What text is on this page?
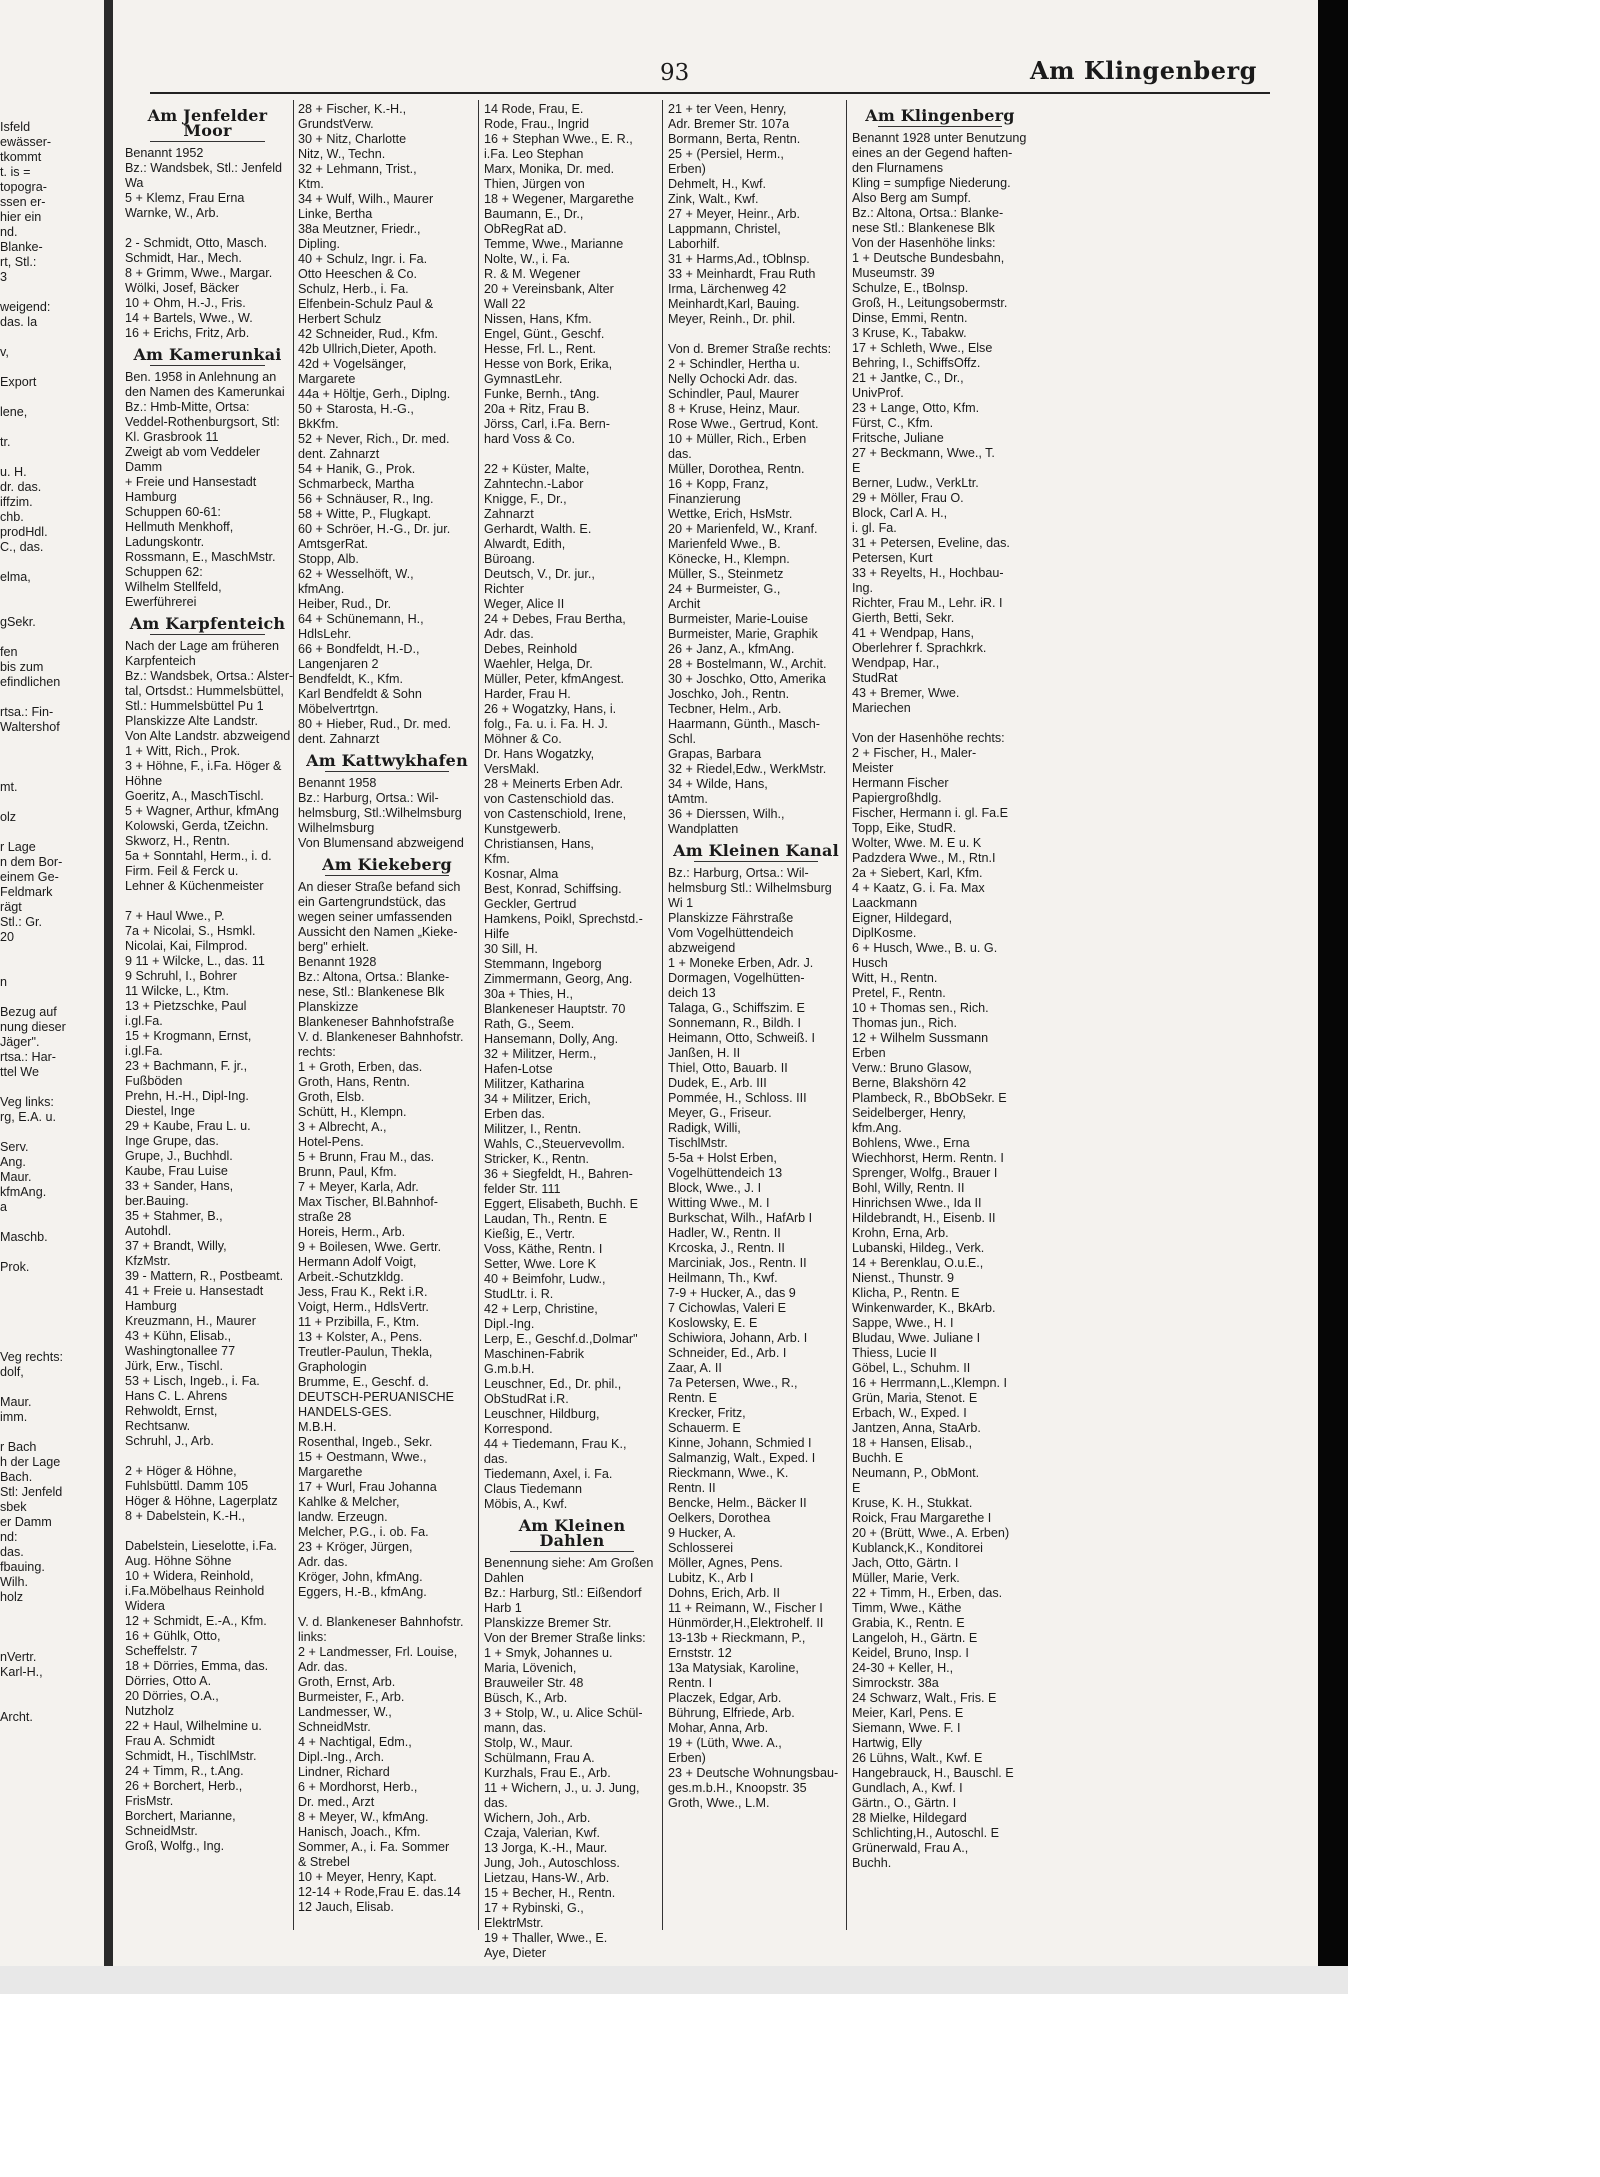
93	Am Klingenberg
Isfeld
ewässer-
tkommt
t. is =
topogra-
ssen er-
hier ein
nd.
Blanke-
rt, Stl.:
3

weigend:
das. la

v,

Export

lene,

tr.

u. H.
dr. das.
iffzim.
chb.
prodHdl.
C., das.

elma,

gSekr.

fen
bis zum
efindlichen

rtsa.: Fin-
Waltershof

mt.

olz

r Lage
n dem Bor-
einem Ge-
Feldmark
rägt
Stl.: Gr.
20

n

Bezug auf
nung dieser
Jäger".
rtsa.: Har-
ttel We

Veg links:
rg, E.A. u.

Serv.
Ang.
Maur.
kfmAng.
a

Maschb.

Prok.

Veg rechts:
dolf,

Maur.
imm.

r Bach
h der Lage
Bach.
Stl: Jenfeld
sbek
er Damm
nd:
das.
fbauing.
Wilh.
holz

nVertr.
Karl-H.,

Archt.
Am Jenfelder Moor
Benannt 1952
Bz.: Wandsbek, Stl.: Jenfeld
Wa
5 + Klemz, Frau Erna
Warnke, W., Arb.

2 - Schmidt, Otto, Masch.
Schmidt, Har., Mech.
8 + Grimm, Wwe., Margar.
Wölki, Josef, Bäcker
10 + Ohm, H.-J., Fris.
14 + Bartels, Wwe., W.
16 + Erichs, Fritz, Arb.
Am Kamerunkai
Ben. 1958 in Anlehnung an
den Namen des Kamerunkai
Bz.: Hmb-Mitte, Ortsa:
Veddel-Rothenburgsort, Stl:
Kl. Grasbrook 11
Zweigt ab vom Veddeler
Damm
+ Freie und Hansestadt
Hamburg
Schuppen 60-61:
Hellmuth Menkhoff,
Ladungskontr.
Rossmann, E., MaschMstr.
Schuppen 62:
Wilhelm Stellfeld,
Ewerführerei
Am Karpfenteich
Nach der Lage am früheren
Karpfenteich
Bz.: Wandsbek, Ortsa.: Alster-
tal, Ortsdst.: Hummelsbüttel,
Stl.: Hummelsbüttel Pu 1
Planskizze Alte Landstr.
Von Alte Landstr. abzweigend
1 + Witt, Rich., Prok.
3 + Höhne, F., i.Fa. Höger &
Höhne
Goeritz, A., MaschTischl.
5 + Wagner, Arthur, kfmAng
Kolowski, Gerda, tZeichn.
Skworz, H., Rentn.
5a + Sonntahl, Herm., i. d.
Firm. Feil & Ferck u.
Lehner & Küchenmeister

7 + Haul Wwe., P.
7a + Nicolai, S., Hsmkl.
Nicolai, Kai, Filmprod.
9 11 + Wilcke, L., das. 11
9 Schruhl, I., Bohrer
11 Wilcke, L., Ktm.
13 + Pietzschke, Paul
i.gl.Fa.
15 + Krogmann, Ernst,
i.gl.Fa.
23 + Bachmann, F. jr.,
Fußböden
Prehn, H.-H., Dipl-Ing.
Diestel, Inge
29 + Kaube, Frau L. u.
Inge Grupe, das.
Grupe, J., Buchhdl.
Kaube, Frau Luise
33 + Sander, Hans,
ber.Bauing.
35 + Stahmer, B.,
Autohdl.
37 + Brandt, Willy,
KfzMstr.
39 - Mattern, R., Postbeamt.
41 + Freie u. Hansestadt
Hamburg
Kreuzmann, H., Maurer
43 + Kühn, Elisab.,
Washingtonallee 77
Jürk, Erw., Tischl.
53 + Lisch, Ingeb., i. Fa.
Hans C. L. Ahrens
Rehwoldt, Ernst,
Rechtsanw.
Schruhl, J., Arb.

2 + Höger & Höhne,
Fuhlsbüttl. Damm 105
Höger & Höhne, Lagerplatz
8 + Dabelstein, K.-H.,

Dabelstein, Lieselotte, i.Fa.
Aug. Höhne Söhne
10 + Widera, Reinhold,
i.Fa.Möbelhaus Reinhold
Widera
12 + Schmidt, E.-A., Kfm.
16 + Gühlk, Otto,
Scheffelstr. 7
18 + Dörries, Emma, das.
Dörries, Otto A.
20 Dörries, O.A.,
Nutzholz
22 + Haul, Wilhelmine u.
Frau A. Schmidt
Schmidt, H., TischlMstr.
24 + Timm, R., t.Ang.
26 + Borchert, Herb.,
FrisMstr.
Borchert, Marianne,
SchneidMstr.
Groß, Wolfg., Ing.
28 + Fischer, K.-H.,
GrundstVerw.
30 + Nitz, Charlotte
Nitz, W., Techn.
32 + Lehmann, Trist.,
Ktm.
34 + Wulf, Wilh., Maurer
Linke, Bertha
38a Meutzner, Friedr.,
Dipling.
40 + Schulz, Ingr. i. Fa.
Otto Heeschen & Co.
Schulz, Herb., i. Fa.
Elfenbein-Schulz Paul &
Herbert Schulz
42 Schneider, Rud., Kfm.
42b Ullrich,Dieter, Apoth.
42d + Vogelsänger,
Margarete
44a + Höltje, Gerh., Diplng.
50 + Starosta, H.-G.,
BkKfm.
52 + Never, Rich., Dr. med.
dent. Zahnarzt
54 + Hanik, G., Prok.
Schmarbeck, Martha
56 + Schnäuser, R., Ing.
58 + Witte, P., Flugkapt.
60 + Schröer, H.-G., Dr. jur.
AmtsgerRat.
Stopp, Alb.
62 + Wesselhöft, W.,
kfmAng.
Heiber, Rud., Dr.
64 + Schünemann, H.,
HdlsLehr.
66 + Bondfeldt, H.-D.,
Langenjaren 2
Bendfeldt, K., Kfm.
Karl Bendfeldt & Sohn
Möbelvertrtgn.
80 + Hieber, Rud., Dr. med.
dent. Zahnarzt
Am Kattwykhafen
Benannt 1958
Bz.: Harburg, Ortsa.: Wil-
helmsburg, Stl.:Wilhelmsburg
Wilhelmsburg
Von Blumensand abzweigend
Am Kiekeberg
An dieser Straße befand sich
ein Gartengrundstück, das
wegen seiner umfassenden
Aussicht den Namen „Kieke-
berg" erhielt.
Benannt 1928
Bz.: Altona, Ortsa.: Blanke-
nese, Stl.: Blankenese Blk
Planskizze
Blankeneser Bahnhofstraße
V. d. Blankeneser Bahnhofstr.
rechts:
1 + Groth, Erben, das.
Groth, Hans, Rentn.
Groth, Elsb.
Schütt, H., Klempn.
3 + Albrecht, A.,
Hotel-Pens.
5 + Brunn, Frau M., das.
Brunn, Paul, Kfm.
7 + Meyer, Karla, Adr.
Max Tischer, Bl.Bahnhof-
straße 28
Horeis, Herm., Arb.
9 + Boilesen, Wwe. Gertr.
Hermann Adolf Voigt,
Arbeit.-Schutzkldg.
Jess, Frau K., Rekt i.R.
Voigt, Herm., HdlsVertr.
11 + Przibilla, F., Ktm.
13 + Kolster, A., Pens.
Treutler-Paulun, Thekla,
Graphologin
Brumme, E., Geschf. d.
DEUTSCH-PERUANISCHE
HANDELS-GES.
M.B.H.
Rosenthal, Ingeb., Sekr.
15 + Oestmann, Wwe.,
Margarethe
17 + Wurl, Frau Johanna
Kahlke & Melcher,
landw. Erzeugn.
Melcher, P.G., i. ob. Fa.
23 + Kröger, Jürgen,
Adr. das.
Kröger, John, kfmAng.
Eggers, H.-B., kfmAng.

V. d. Blankeneser Bahnhofstr.
links:
2 + Landmesser, Frl. Louise,
Adr. das.
Groth, Ernst, Arb.
Burmeister, F., Arb.
Landmesser, W.,
SchneidMstr.
4 + Nachtigal, Edm.,
Dipl.-Ing., Arch.
Lindner, Richard
6 + Mordhorst, Herb.,
Dr. med., Arzt
8 + Meyer, W., kfmAng.
Hanisch, Joach., Kfm.
Sommer, A., i. Fa. Sommer
& Strebel
10 + Meyer, Henry, Kapt.
12-14 + Rode,Frau E. das.14
12 Jauch, Elisab.
14 Rode, Frau, E.
Rode, Frau., Ingrid
16 + Stephan Wwe., E. R.,
i.Fa. Leo Stephan
Marx, Monika, Dr. med.
Thien, Jürgen von
18 + Wegener, Margarethe
Baumann, E., Dr.,
ObRegRat aD.
Temme, Wwe., Marianne
Nolte, W., i. Fa.
R. & M. Wegener
20 + Vereinsbank, Alter
Wall 22
Nissen, Hans, Kfm.
Engel, Günt., Geschf.
Hesse, Frl. L., Rent.
Hesse von Bork, Erika,
GymnastLehr.
Funke, Bernh., tAng.
20a + Ritz, Frau B.
Jörss, Carl, i.Fa. Bern-
hard Voss & Co.

22 + Küster, Malte,
Zahntechn.-Labor
Knigge, F., Dr.,
Zahnarzt
Gerhardt, Walth. E.
Alwardt, Edith,
Büroang.
Deutsch, V., Dr. jur.,
Richter
Weger, Alice II
24 + Debes, Frau Bertha,
Adr. das.
Debes, Reinhold
Waehler, Helga, Dr.
Müller, Peter, kfmAngest.
Harder, Frau H.
26 + Wogatzky, Hans, i.
folg., Fa. u. i. Fa. H. J.
Möhner & Co.
Dr. Hans Wogatzky,
VersMakl.
28 + Meinerts Erben Adr.
von Castenschiold das.
von Castenschiold, Irene,
Kunstgewerb.
Christiansen, Hans,
Kfm.
Kosnar, Alma
Best, Konrad, Schiffsing.
Geckler, Gertrud
Hamkens, Poikl, Sprechstd.-
Hilfe
30 Sill, H.
Stemmann, Ingeborg
Zimmermann, Georg, Ang.
30a + Thies, H.,
Blankeneser Hauptstr. 70
Rath, G., Seem.
Hansemann, Dolly, Ang.
32 + Militzer, Herm.,
Hafen-Lotse
Militzer, Katharina
34 + Militzer, Erich,
Erben das.
Militzer, I., Rentn.
Wahls, C.,Steuervevollm.
Stricker, K., Rentn.
36 + Siegfeldt, H., Bahren-
felder Str. 111
Eggert, Elisabeth, Buchh. E
Laudan, Th., Rentn. E
Kießig, E., Vertr.
Voss, Käthe, Rentn. I
Setter, Wwe. Lore K
40 + Beimfohr, Ludw.,
StudLtr. i. R.
42 + Lerp, Christine,
Dipl.-Ing.
Lerp, E., Geschf.d.,Dolmar"
Maschinen-Fabrik
G.m.b.H.
Leuschner, Ed., Dr. phil.,
ObStudRat i.R.
Leuschner, Hildburg,
Korrespond.
44 + Tiedemann, Frau K.,
das.
Tiedemann, Axel, i. Fa.
Claus Tiedemann
Möbis, A., Kwf.
Am Kleinen Dahlen
Benennung siehe: Am Großen
Dahlen
Bz.: Harburg, Stl.: Eißendorf
Harb 1
Planskizze Bremer Str.
Von der Bremer Straße links:
1 + Smyk, Johannes u.
Maria, Lövenich,
Brauweiler Str. 48
Büsch, K., Arb.
3 + Stolp, W., u. Alice Schül-
mann, das.
Stolp, W., Maur.
Schülmann, Frau A.
Kurzhals, Frau E., Arb.
11 + Wichern, J., u. J. Jung,
das.
Wichern, Joh., Arb.
Czaja, Valerian, Kwf.
13 Jorga, K.-H., Maur.
Jung, Joh., Autoschloss.
Lietzau, Hans-W., Arb.
15 + Becher, H., Rentn.
17 + Rybinski, G.,
ElektrMstr.
19 + Thaller, Wwe., E.
Aye, Dieter
21 + ter Veen, Henry,
Adr. Bremer Str. 107a
Bormann, Berta, Rentn.
25 + (Persiel, Herm.,
Erben)
Dehmelt, H., Kwf.
Zink, Walt., Kwf.
27 + Meyer, Heinr., Arb.
Lappmann, Christel,
Laborhilf.
31 + Harms,Ad., tOblnsp.
33 + Meinhardt, Frau Ruth
Irma, Lärchenweg 42
Meinhardt,Karl, Bauing.
Meyer, Reinh., Dr. phil.

Von d. Bremer Straße rechts:
2 + Schindler, Hertha u.
Nelly Ochocki Adr. das.
Schindler, Paul, Maurer
8 + Kruse, Heinz, Maur.
Rose Wwe., Gertrud, Kont.
10 + Müller, Rich., Erben
das.
Müller, Dorothea, Rentn.
16 + Kopp, Franz,
Finanzierung
Wettke, Erich, HsMstr.
20 + Marienfeld, W., Kranf.
Marienfeld Wwe., B.
Könecke, H., Klempn.
Müller, S., Steinmetz
24 + Burmeister, G.,
Archit
Burmeister, Marie-Louise
Burmeister, Marie, Graphik
26 + Janz, A., kfmAng.
28 + Bostelmann, W., Archit.
30 + Joschko, Otto, Amerika
Joschko, Joh., Rentn.
Tecbner, Helm., Arb.
Haarmann, Günth., Masch-
Schl.
Grapas, Barbara
32 + Riedel,Edw., WerkMstr.
34 + Wilde, Hans,
tAmtm.
36 + Dierssen, Wilh.,
Wandplatten
Am Kleinen Kanal
Bz.: Harburg, Ortsa.: Wil-
helmsburg Stl.: Wilhelmsburg
Wi 1
Planskizze Fährstraße
Vom Vogelhüttendeich
abzweigend
1 + Moneke Erben, Adr. J.
Dormagen, Vogelhütten-
deich 13
Talaga, G., Schiffszim. E
Sonnemann, R., Bildh. I
Heimann, Otto, Schweiß. I
Janßen, H. II
Thiel, Otto, Bauarb. II
Dudek, E., Arb. III
Pommée, H., Schloss. III
Meyer, G., Friseur.
Radigk, Willi,
TischlMstr.
5-5a + Holst Erben,
Vogelhüttendeich 13
Block, Wwe., J. I
Witting Wwe., M. I
Burkschat, Wilh., HafArb I
Hadler, W., Rentn. II
Krcoska, J., Rentn. II
Marciniak, Jos., Rentn. II
Heilmann, Th., Kwf.
7-9 + Hucker, A., das 9
7 Cichowlas, Valeri E
Koslowsky, E. E
Schiwiora, Johann, Arb. I
Schneider, Ed., Arb. I
Zaar, A. II
7a Petersen, Wwe., R.,
Rentn. E
Krecker, Fritz,
Schauerm. E
Kinne, Johann, Schmied I
Salmanzig, Walt., Exped. I
Rieckmann, Wwe., K.
Rentn. II
Bencke, Helm., Bäcker II
Oelkers, Dorothea
9 Hucker, A.
Schlosserei
Möller, Agnes, Pens.
Lubitz, K., Arb I
Dohns, Erich, Arb. II
11 + Reimann, W., Fischer I
Hünmörder,H.,Elektrohelf. II
13-13b + Rieckmann, P.,
Ernststr. 12
13a Matysiak, Karoline,
Rentn. I
Placzek, Edgar, Arb.
Bührung, Elfriede, Arb.
Mohar, Anna, Arb.
19 + (Lüth, Wwe. A.,
Erben)
23 + Deutsche Wohnungsbau-
ges.m.b.H., Knoopstr. 35
Groth, Wwe., L.M.
Am Klingenberg
Benannt 1928 unter Benutzung
eines an der Gegend haften-
den Flurnamens
Kling = sumpfige Niederung.
Also Berg am Sumpf.
Bz.: Altona, Ortsa.: Blanke-
nese Stl.: Blankenese Blk
Von der Hasenhöhe links:
1 + Deutsche Bundesbahn,
Museumstr. 39
Schulze, E., tBolnsp.
Groß, H., Leitungsobermstr.
Dinse, Emmi, Rentn.
3 Kruse, K., Tabakw.
17 + Schleth, Wwe., Else
Behring, I., SchiffsOffz.
21 + Jantke, C., Dr.,
UnivProf.
23 + Lange, Otto, Kfm.
Fürst, C., Kfm.
Fritsche, Juliane
27 + Beckmann, Wwe., T.
E
Berner, Ludw., VerkLtr.
29 + Möller, Frau O.
Block, Carl A. H.,
i. gl. Fa.
31 + Petersen, Eveline, das.
Petersen, Kurt
33 + Reyelts, H., Hochbau-
Ing.
Richter, Frau M., Lehr. iR. I
Gierth, Betti, Sekr.
41 + Wendpap, Hans,
Oberlehrer f. Sprachkrk.
Wendpap, Har.,
StudRat
43 + Bremer, Wwe.
Mariechen

Von der Hasenhöhe rechts:
2 + Fischer, H., Maler-
Meister
Hermann Fischer
Papiergroßhdlg.
Fischer, Hermann i. gl. Fa.E
Topp, Eike, StudR.
Wolter, Wwe. M. E u. K
Padzdera Wwe., M., Rtn.I
2a + Siebert, Karl, Kfm.
4 + Kaatz, G. i. Fa. Max
Laackmann
Eigner, Hildegard,
DiplKosme.
6 + Husch, Wwe., B. u. G.
Husch
Witt, H., Rentn.
Pretel, F., Rentn.
10 + Thomas sen., Rich.
Thomas jun., Rich.
12 + Wilhelm Sussmann
Erben
Verw.: Bruno Glasow,
Berne, Blakshörn 42
Plambeck, R., BbObSekr. E
Seidelberger, Henry,
kfm.Ang.
Bohlens, Wwe., Erna
Wiechhorst, Herm. Rentn. I
Sprenger, Wolfg., Brauer I
Bohl, Willy, Rentn. II
Hinrichsen Wwe., Ida II
Hildebrandt, H., Eisenb. II
Krohn, Erna, Arb.
Lubanski, Hildeg., Verk.
14 + Berenklau, O.u.E.,
Nienst., Thunstr. 9
Klicha, P., Rentn. E
Winkenwarder, K., BkArb.
Sappe, Wwe., H. I
Bludau, Wwe. Juliane I
Thiess, Lucie II
Göbel, L., Schuhm. II
16 + Herrmann,L.,Klempn. I
Grün, Maria, Stenot. E
Erbach, W., Exped. I
Jantzen, Anna, StaArb.
18 + Hansen, Elisab.,
Buchh. E
Neumann, P., ObMont.
E
Kruse, K. H., Stukkat.
Roick, Frau Margarethe I
20 + (Brütt, Wwe., A. Erben)
Kublanck,K., Konditorei
Jach, Otto, Gärtn. I
Müller, Marie, Verk.
22 + Timm, H., Erben, das.
Timm, Wwe., Käthe
Grabia, K., Rentn. E
Langeloh, H., Gärtn. E
Keidel, Bruno, Insp. I
24-30 + Keller, H.,
Simrockstr. 38a
24 Schwarz, Walt., Fris. E
Meier, Karl, Pens. E
Siemann, Wwe. F. I
Hartwig, Elly
26 Lühns, Walt., Kwf. E
Hangebrauck, H., Bauschl. E
Gundlach, A., Kwf. I
Gärtn., O., Gärtn. I
28 Mielke, Hildegard
Schlichting,H., Autoschl. E
Grünerwald, Frau A.,
Buchh.
